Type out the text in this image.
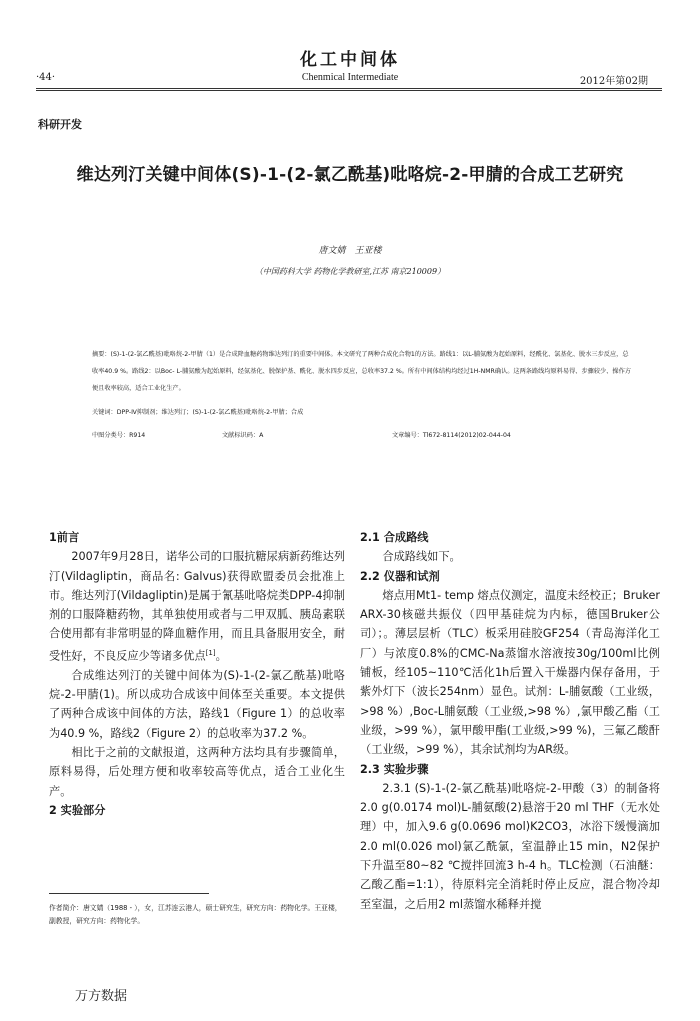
化工中间体
·44·	Chenmical Intermediate	2012年第02期
科研开发
维达列汀关键中间体(S)-1-(2-氯乙酰基)吡咯烷-2-甲腈的合成工艺研究
唐文婧　王亚楼
（中国药科大学 药物化学教研室,江苏 南京210009）
摘要：(S)-1-(2-氯乙酰基)吡咯烷-2-甲腈（1）是合成降血糖药物维达列汀的重要中间体。本文研究了两种合成化合物1的方法。路线1：以L-脯氨酸为起始原料，经酰化、氯基化、脱水三步反应，总收率40.9 %。路线2：以Boc- L-脯氨酸为起始原料，经氨基化、脱保护基、酰化、脱水四步反应，总收率37.2 %。所有中间体结构均经过1H-NMR确认。这两条路线均原料易得、步骤较少、操作方便且收率较高，适合工业化生产。
关键词：DPP-Ⅳ抑制剂；维达列汀；(S)-1-(2-氯乙酰基)吡咯烷-2-甲腈；合成
中图分类号：R914	文献标识码：A	文章编号：Tl672-8114(2012)02-044-04
1前言

2007年9月28日，诺华公司的口服抗糖尿病新药维达列汀(Vildagliptin，商品名: Galvus)获得欧盟委员会批准上市。维达列汀(Vildagliptin)是属于氰基吡咯烷类DPP-4抑制剂的口服降糖药物，其单独使用或者与二甲双胍、胰岛素联合使用都有非常明显的降血糖作用，而且具备服用安全，耐受性好，不良反应少等诸多优点[1]。

合成维达列汀的关键中间体为(S)-1-(2-氯乙酰基)吡咯烷-2-甲腈(1)。所以成功合成该中间体至关重要。本文提供了两种合成该中间体的方法，路线1（Figure 1）的总收率为40.9 %，路线2（Figure 2）的总收率为37.2 %。

相比于之前的文献报道，这两种方法均具有步骤简单，原料易得，后处理方便和收率较高等优点，适合工业化生产。

2 实验部分
作者简介：唐文婧（1988 - ），女，江苏连云港人，硕士研究生，研究方向：药物化学。王亚楼，副教授，研究方向：药物化学。
2.1 合成路线

合成路线如下。

2.2 仪器和试剂

熔点用Mt1- temp 熔点仪测定，温度未经校正；Bruker ARX-30核磁共振仪（四甲基硅烷为内标，德国Bruker公司）；。薄层层析（TLC）板采用硅胶GF254（青岛海洋化工厂）与浓度0.8%的CMC-Na蒸馏水溶液按30g/100ml比例铺板，经105~110℃活化1h后置入干燥器内保存备用，于紫外灯下（波长254nm）显色。试剂：L-脯氨酸（工业级，>98 %）,Boc-L脯氨酸（工业级,>98 %）,氯甲酸乙酯（工业级，>99 %），氯甲酸甲酯(工业级,>99 %)，三氟乙酸酐（工业级，>99 %），其余试剂均为AR级。

2.3 实验步骤

2.3.1 (S)-1-(2-氯乙酰基)吡咯烷-2-甲酸（3）的制备将2.0 g(0.0174 mol)L-脯氨酸(2)悬溶于20 ml THF（无水处理）中，加入9.6 g(0.0696 mol)K2CO3，冰浴下缓慢滴加2.0 ml(0.026 mol)氯乙酰氯，室温静止15 min，N2保护下升温至80~82 ℃搅拌回流3 h-4 h。TLC检测（石油醚：乙酸乙酯=1:1），待原料完全消耗时停止反应，混合物冷却至室温，之后用2 ml蒸馏水稀释并搅

万方数据
